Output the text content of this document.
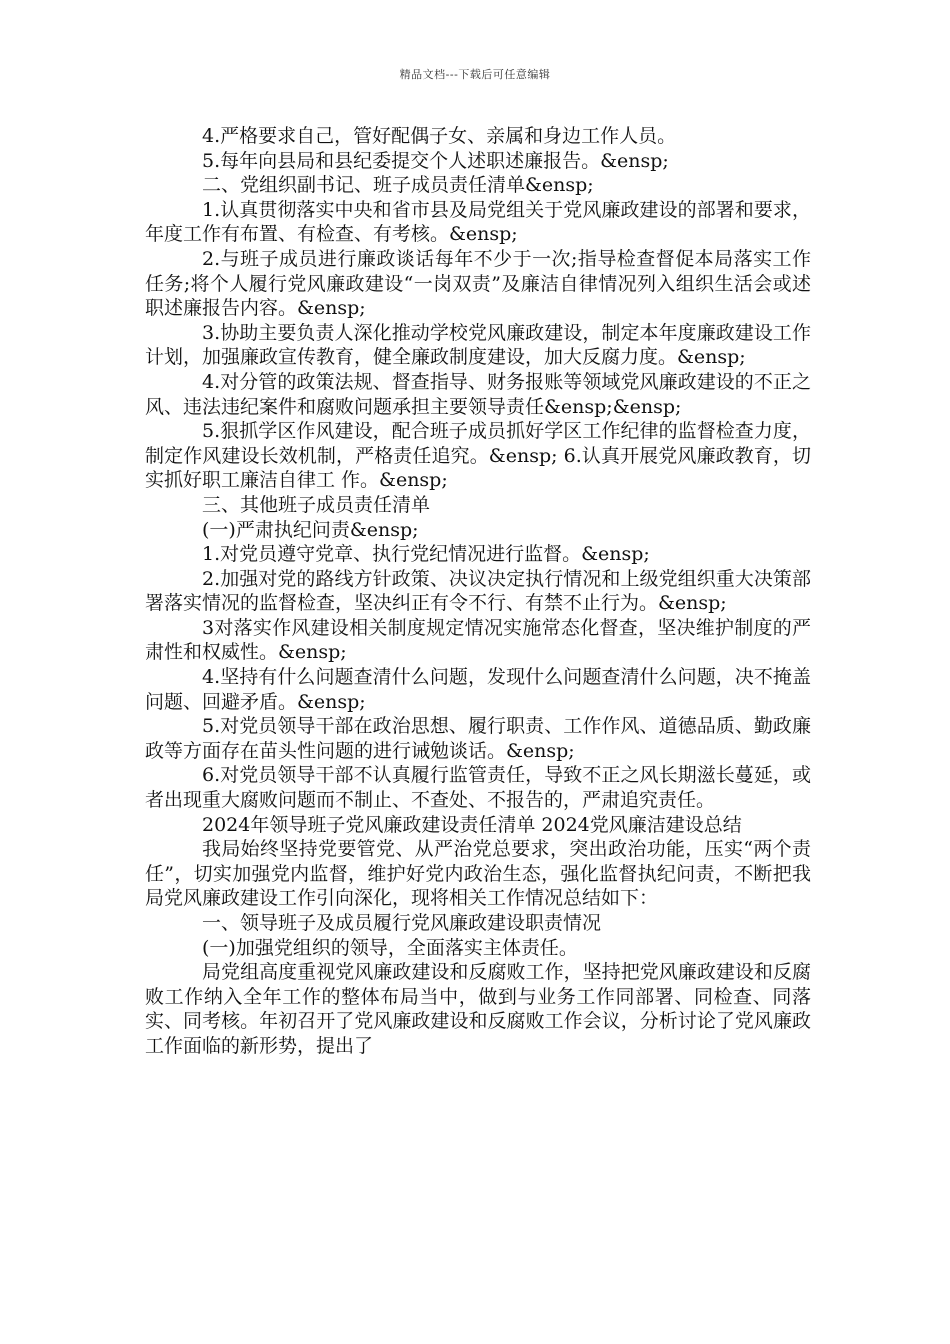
精品文档---下载后可任意编辑

4.严格要求自己，管好配偶子女、亲属和身边工作人员。

5.每年向县局和县纪委提交个人述职述廉报告。&ensp;

二、党组织副书记、班子成员责任清单&ensp;

1.认真贯彻落实中央和省市县及局党组关于党风廉政建设的部署和要求，年度工作有布置、有检查、有考核。&ensp;

2.与班子成员进行廉政谈话每年不少于一次;指导检查督促本局落实工作任务;将个人履行党风廉政建设“一岗双责”及廉洁自律情况列入组织生活会或述职述廉报告内容。&ensp;

3.协助主要负责人深化推动学校党风廉政建设，制定本年度廉政建设工作计划，加强廉政宣传教育，健全廉政制度建设，加大反腐力度。&ensp;

4.对分管的政策法规、督查指导、财务报账等领域党风廉政建设的不正之风、违法违纪案件和腐败问题承担主要领导责任&ensp;&ensp;

5.狠抓学区作风建设，配合班子成员抓好学区工作纪律的监督检查力度，制定作风建设长效机制，严格责任追究。&ensp; 6.认真开展党风廉政教育，切实抓好职工廉洁自律工 作。&ensp;

三、其他班子成员责任清单

(一)严肃执纪问责&ensp;

1.对党员遵守党章、执行党纪情况进行监督。&ensp;

2.加强对党的路线方针政策、决议决定执行情况和上级党组织重大决策部署落实情况的监督检查，坚决纠正有令不行、有禁不止行为。&ensp;

3对落实作风建设相关制度规定情况实施常态化督查，坚决维护制度的严肃性和权威性。&ensp;

4.坚持有什么问题查清什么问题，发现什么问题查清什么问题，决不掩盖问题、回避矛盾。&ensp;

5.对党员领导干部在政治思想、履行职责、工作作风、道德品质、勤政廉政等方面存在苗头性问题的进行诫勉谈话。&ensp;

6.对党员领导干部不认真履行监管责任，导致不正之风长期滋长蔓延，或者出现重大腐败问题而不制止、不查处、不报告的，严肃追究责任。

2024年领导班子党风廉政建设责任清单 2024党风廉洁建设总结

我局始终坚持党要管党、从严治党总要求，突出政治功能，压实“两个责任”，切实加强党内监督，维护好党内政治生态，强化监督执纪问责，不断把我局党风廉政建设工作引向深化，现将相关工作情况总结如下：

一、领导班子及成员履行党风廉政建设职责情况

(一)加强党组织的领导，全面落实主体责任。

局党组高度重视党风廉政建设和反腐败工作，坚持把党风廉政建设和反腐败工作纳入全年工作的整体布局当中，做到与业务工作同部署、同检查、同落实、同考核。年初召开了党风廉政建设和反腐败工作会议，分析讨论了党风廉政工作面临的新形势，提出了
